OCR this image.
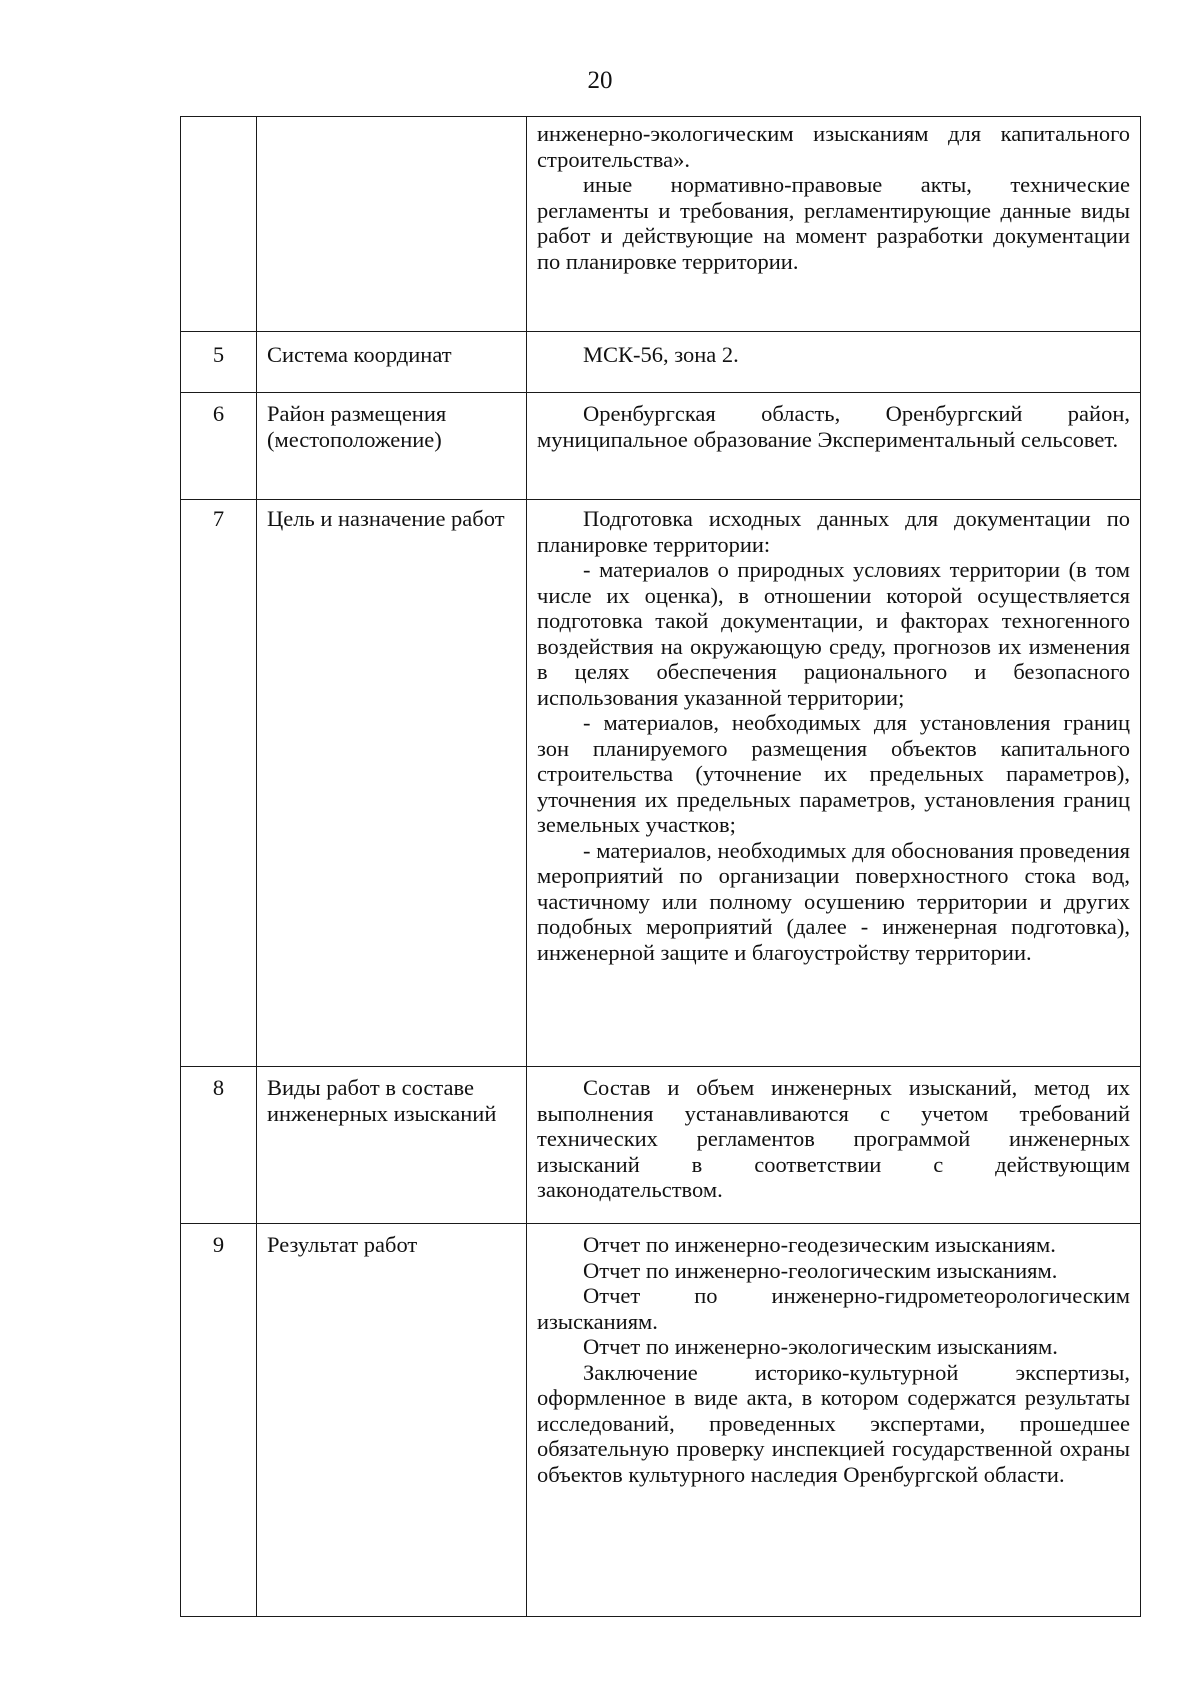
20

		инженерно-экологическим изысканиям для капитального строительства».

иные нормативно-правовые акты, технические регламенты и требования, регламентирующие данные виды работ и действующие на момент разработки документации по планировке территории.

5	Система координат	МСК-56, зона 2.

6	Район размещения (местоположение)	Оренбургская область, Оренбургский район, муниципальное образование Экспериментальный сельсовет.

7	Цель и назначение работ	Подготовка исходных данных для документации по планировке территории:

- материалов о природных условиях территории (в том числе их оценка), в отношении которой осуществляется подготовка такой документации, и факторах техногенного воздействия на окружающую среду, прогнозов их изменения в целях обеспечения рационального и безопасного использования указанной территории;

- материалов, необходимых для установления границ зон планируемого размещения объектов капитального строительства (уточнение их предельных параметров), уточнения их предельных параметров, установления границ земельных участков;

- материалов, необходимых для обоснования проведения мероприятий по организации поверхностного стока вод, частичному или полному осушению территории и других подобных мероприятий (далее - инженерная подготовка), инженерной защите и благоустройству территории.

8	Виды работ в составе инженерных изысканий	Состав и объем инженерных изысканий, метод их выполнения устанавливаются с учетом требований технических регламентов программой инженерных изысканий в соответствии с действующим законодательством.

9	Результат работ	Отчет по инженерно-геодезическим изысканиям.

Отчет по инженерно-геологическим изысканиям.

Отчет по инженерно-гидрометеорологическим изысканиям.

Отчет по инженерно-экологическим изысканиям.

Заключение историко-культурной экспертизы, оформленное в виде акта, в котором содержатся результаты исследований, проведенных экспертами, прошедшее обязательную проверку инспекцией государственной охраны объектов культурного наследия Оренбургской области.
